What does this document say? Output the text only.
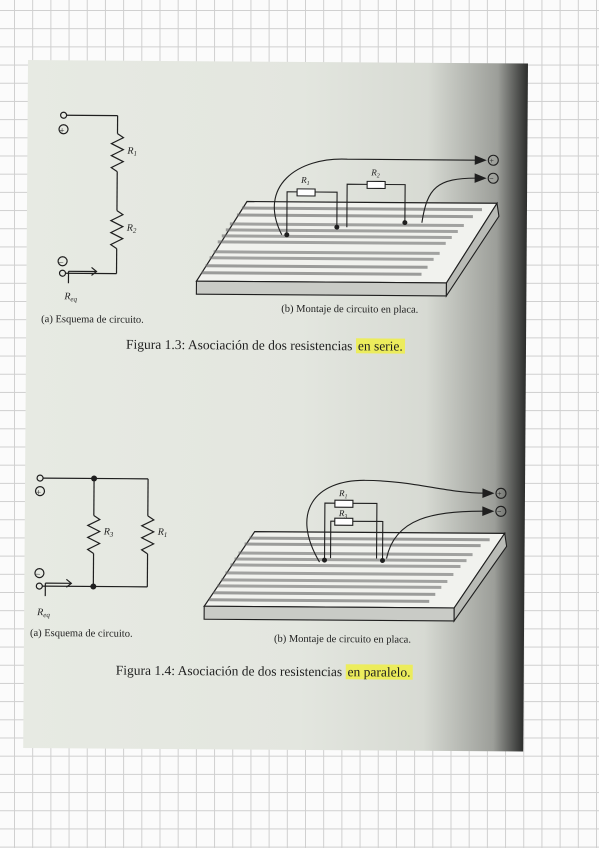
+
−
$R_1$
$R_2$
$R_{eq}$
+
−
$R_1$
$R_2$
(a) Esquema de circuito.
(b) Montaje de circuito en placa.
Figura 1.3: Asociación de dos resistencias en serie.
+
−
$R_3$	$R_1$
$R_{eq}$
+
−
$R_1$
$R_3$
(a) Esquema de circuito.	(b) Montaje de circuito en placa.
Figura 1.4: Asociación de dos resistencias en paralelo.
